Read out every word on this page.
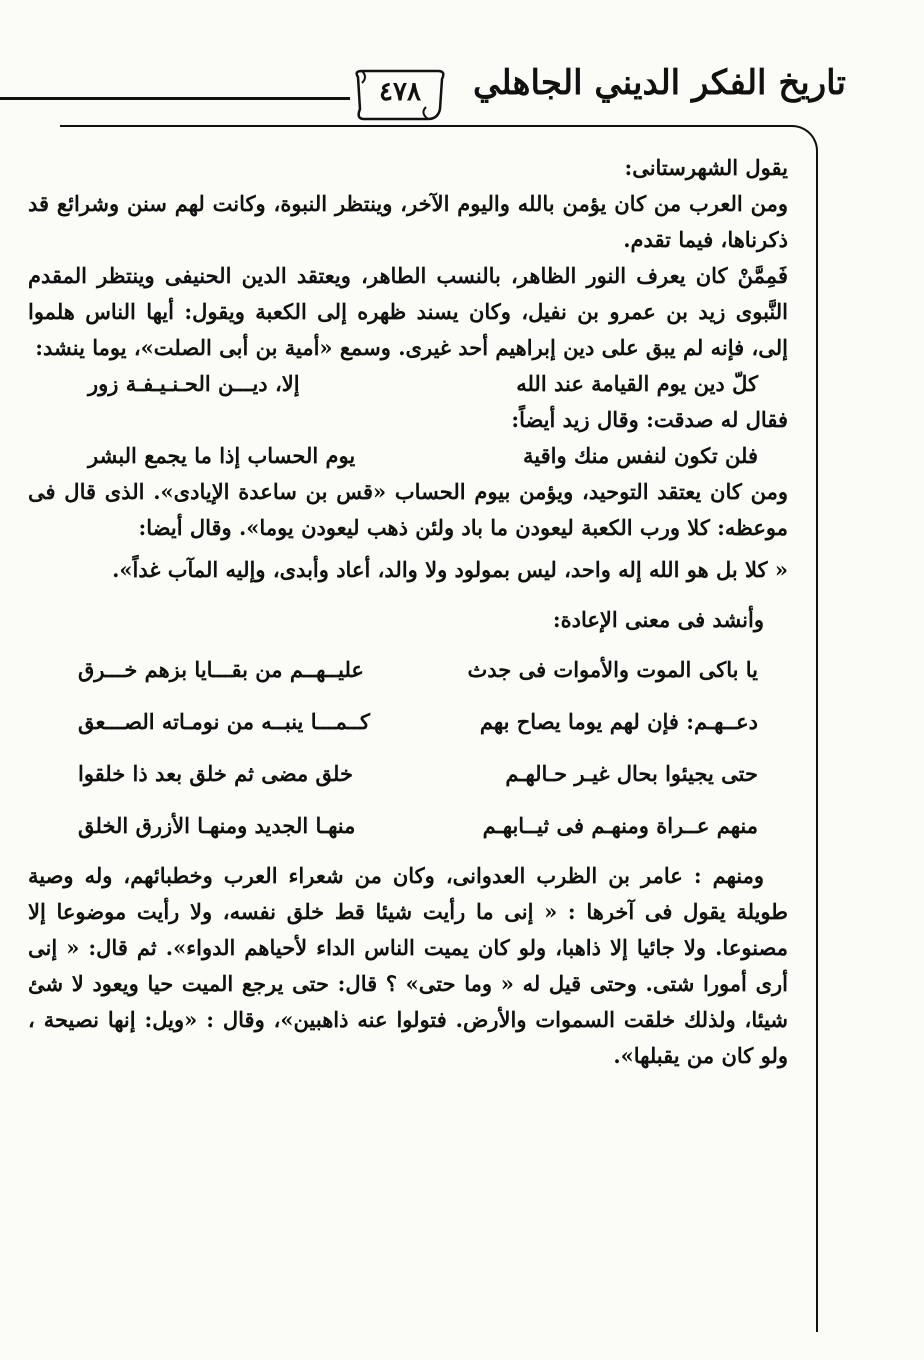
٤٧٨	تاريخ الفكر الديني الجاهلي

يقول الشهرستانى:

ومن العرب من كان يؤمن بالله واليوم الآخر، وينتظر النبوة، وكانت لهم سنن وشرائع قد ذكرناها، فيما تقدم.

فَمِمَّنْ كان يعرف النور الظاهر، بالنسب الطاهر، ويعتقد الدين الحنيفى وينتظر المقدم النَّبوى زيد بن عمرو بن نفيل، وكان يسند ظهره إلى الكعبة ويقول: أيها الناس هلموا إلى، فإنه لم يبق على دين إبراهيم أحد غيرى. وسمع «أمية بن أبى الصلت»، يوما ينشد:

كلّ دين يوم القيامة عند الله
إلا، ديـــن الحـنـيـفـة زور

فقال له صدقت: وقال زيد أيضاً:

فلن تكون لنفس منك واقية
يوم الحساب إذا ما يجمع البشر

ومن كان يعتقد التوحيد، ويؤمن بيوم الحساب «قس بن ساعدة الإيادى». الذى قال فى موعظه: كلا ورب الكعبة ليعودن ما باد ولئن ذهب ليعودن يوما». وقال أيضا:

« كلا بل هو الله إله واحد، ليس بمولود ولا والد، أعاد وأبدى، وإليه المآب غداً».

وأنشد فى معنى الإعادة:

يا باكى الموت والأموات فى جدث
عليــهــم من بقـــايا بزهم خـــرق
دعــهـم: فإن لهم يوما يصاح بهم
كــمـــا ينبــه من نومـاته الصـــعق
حتى يجيئوا بحال غيـر حـالهـم
خلق مضى ثم خلق بعد ذا خلقوا
منهم عــراة ومنهـم فى ثيــابهـم
منهـا الجديد ومنهـا الأزرق الخلق

ومنهم : عامر بن الظرب العدوانى، وكان من شعراء العرب وخطبائهم، وله وصية طويلة يقول فى آخرها : « إنى ما رأيت شيئا قط خلق نفسه، ولا رأيت موضوعا إلا مصنوعا. ولا جائيا إلا ذاهبا، ولو كان يميت الناس الداء لأحياهم الدواء». ثم قال: « إنى أرى أمورا شتى. وحتى قيل له « وما حتى» ؟ قال: حتى يرجع الميت حيا ويعود لا شئ شيئا، ولذلك خلقت السموات والأرض. فتولوا عنه ذاهبين»، وقال : «ويل: إنها نصيحة ، ولو كان من يقبلها».
